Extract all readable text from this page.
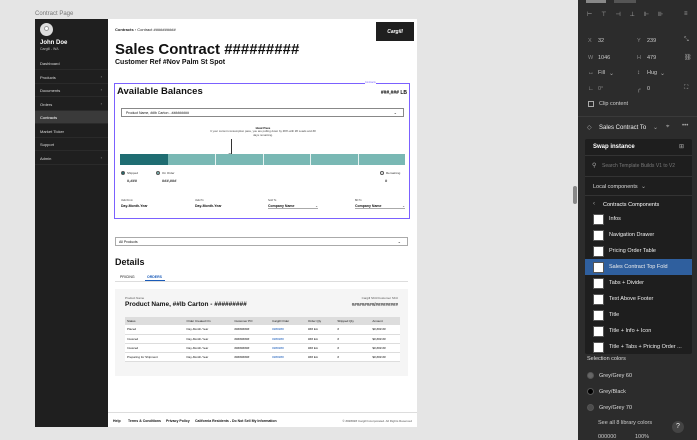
Contract Page
John Doe
Cargill - WA
Dashboard
Products	›
Documents	›
Orders	›
Contracts
Market Ticker
Support
Admin	›
Contracts › Contract ##########	Cargill
Sales Contract #########
Customer Ref #Nov Palm St Spot
Contracts
Available Balances	###,### LB
Product Name, ##lb Carton - #########	⌄
Ideal Pace
It your current consumption pace, you are pulling down by ##% with ## Loads and ## days remaining.
Shipped
#,###
On Order
###,###
Remaining
#
Valid From
Day-Month-Year
Valid To
Day-Month-Year
Sold To
Company Name	⌄
Bill To
Company Name	⌄
All Products	⌄
Details
PRICING	ORDERS
Product Name
Product Name, ##lb Carton - #########
Cargill SKU/Customer SKU
#########/#########
Status	Order Created On	Customer PO	Cargill Order	Order Qty	Shipped Qty	Amount
Placed	Day-Month-Year	#########	#######	### EA	#	$#,###.##
Invoiced	Day-Month-Year	#########	#######	### EA	#	$#,###.##
Invoiced	Day-Month-Year	#########	#######	### EA	#	$#,###.##
Preparing for Shipment	Day-Month-Year	#########	#######	### EA	#	$#,###.##
Help Terms & Conditions Privacy Policy California Residents - Do Not Sell My Information	© ####### Cargill Incorporated. All Rights Reserved
⊢⊤⊣⊥⊩⊪ ≡
X 32	Y 239	⤡
W 1046	H 479	⛓
↔ Fill ⌄	↕ Hug ⌄
∟ 0°	╭ 0	⛶
Clip content
◇ Sales Contract To ⌄ ⌖ •••
Swap instance	⊞
⚲ Search Template Builds V1 to V2
Local components ⌄
‹ Contracts Components
Infos
Navigation Drawer
Pricing Order Table
Sales Contract Top Fold
Tabs + Divider
Text Above Footer
Title
Title + Info + Icon
Title + Tabs + Pricing Order ...
Selection colors
Grey/Grey 60
Grey/Black
Grey/Grey 70
See all 8 library colors
000000	100%
?
